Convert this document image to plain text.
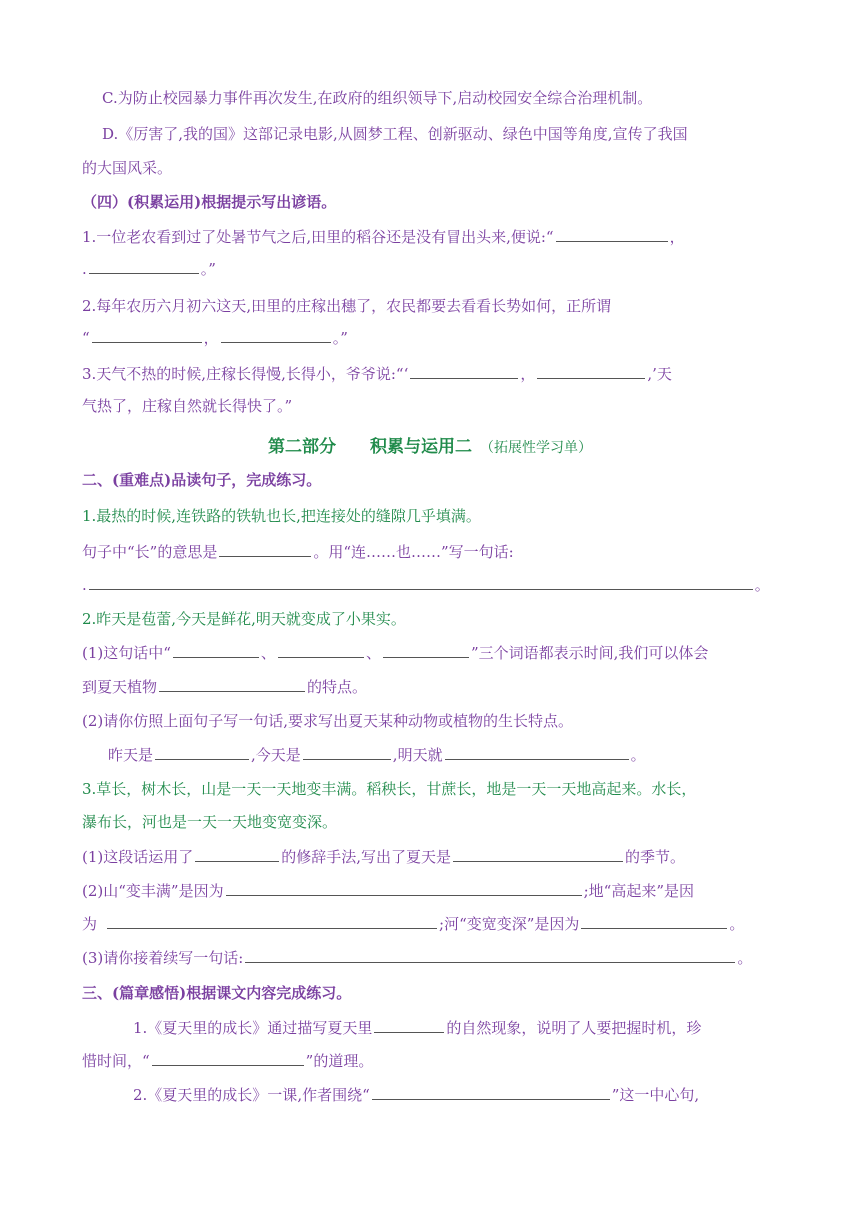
C.为防止校园暴力事件再次发生,在政府的组织领导下,启动校园安全综合治理机制。

D.《厉害了,我的国》这部记录电影,从圆梦工程、创新驱动、绿色中国等角度,宣传了我国

的大国风采。

（四）(积累运用)根据提示写出谚语。

1.一位老农看到过了处暑节气之后,田里的稻谷还是没有冒出头来,便说:“	，

.	。”

2.每年农历六月初六这天,田里的庄稼出穗了，农民都要去看看长势如何，正所谓

“	，	。”

3.天气不热的时候,庄稼长得慢,长得小，爷爷说:“‘	，	,’天

气热了，庄稼自然就长得快了。”

第二部分 积累与运用二 （拓展性学习单）

二、(重难点)品读句子，完成练习。

1.最热的时候,连铁路的铁轨也长,把连接处的缝隙几乎填满。

句子中“长”的意思是	。用“连……也……”写一句话:

.	。

2.昨天是苞蕾,今天是鲜花,明天就变成了小果实。

(1)这句话中“	、	、	”三个词语都表示时间,我们可以体会

到夏天植物	的特点。

(2)请你仿照上面句子写一句话,要求写出夏天某种动物或植物的生长特点。

昨天是	,今天是	,明天就	。

3.草长，树木长，山是一天一天地变丰满。稻秧长，甘蔗长，地是一天一天地高起来。水长，

瀑布长，河也是一天一天地变宽变深。

(1)这段话运用了	的修辞手法,写出了夏天是	的季节。

(2)山“变丰满”是因为	;地“高起来”是因

为	;河“变宽变深”是因为	。

(3)请你接着续写一句话:	。

三、(篇章感悟)根据课文内容完成练习。

1.《夏天里的成长》通过描写夏天里	的自然现象，说明了人要把握时机，珍

惜时间，“	”的道理。

2.《夏天里的成长》一课,作者围绕“	”这一中心句,
